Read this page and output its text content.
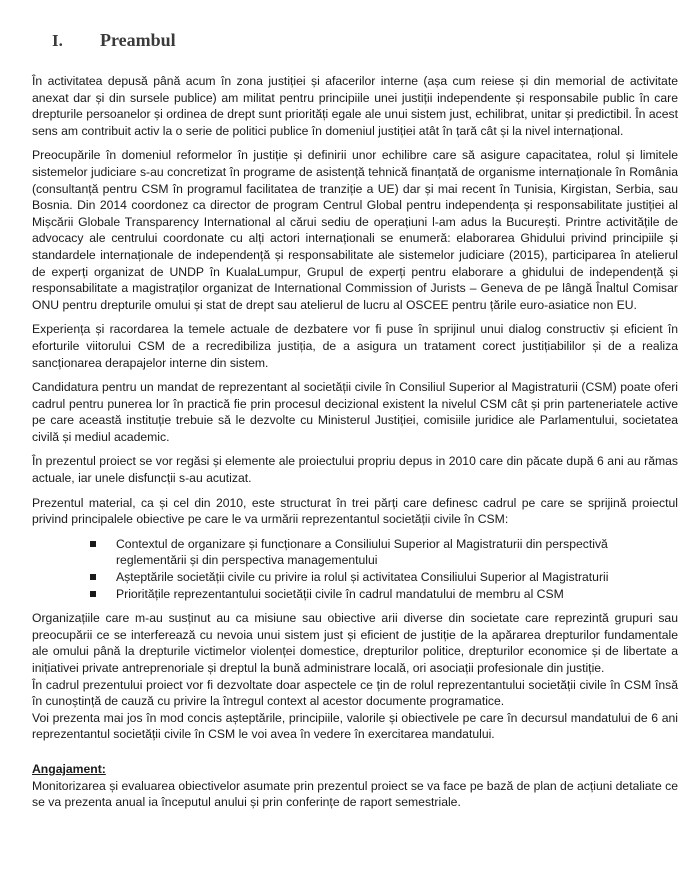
I.	Preambul

În activitatea depusă până acum în zona justiției și afacerilor interne (așa cum reiese și din memorial de activitate anexat dar și din sursele publice) am militat pentru principiile unei justiții independente și responsabile public în care drepturile persoanelor și ordinea de drept sunt priorități egale ale unui sistem just, echilibrat, unitar și predictibil. În acest sens am contribuit activ la o serie de politici publice în domeniul justiției atât în țară cât și la nivel internațional.

Preocupările în domeniul reformelor în justiție și definirii unor echilibre care să asigure capacitatea, rolul și limitele sistemelor judiciare s-au concretizat în programe de asistență tehnică finanțată de organisme internaționale în România (consultanță pentru CSM în programul facilitatea de tranziție a UE) dar și mai recent în Tunisia, Kirgistan, Serbia, sau Bosnia. Din 2014 coordonez ca director de program Centrul Global pentru independența și responsabilitate justiției al Mișcării Globale Transparency International al cărui sediu de operațiuni l-am adus la București. Printre activitățile de advocacy ale centrului coordonate cu alți actori internaționali se enumeră: elaborarea Ghidului privind principiile și standardele internaționale de independență și responsabilitate ale sistemelor judiciare (2015), participarea în atelierul de experți organizat de UNDP în KualaLumpur, Grupul de experți pentru elaborare a ghidului de independență și responsabilitate a magistraților organizat de International Commission of Jurists – Geneva de pe lângă Înaltul Comisar ONU pentru drepturile omului și stat de drept sau atelierul de lucru al OSCEE pentru țările euro-asiatice non EU.

Experiența și racordarea la temele actuale de dezbatere vor fi puse în sprijinul unui dialog constructiv și eficient în eforturile viitorului CSM de a recredibiliza justiția, de a asigura un tratament corect justițiabililor și de a realiza sancționarea derapajelor interne din sistem.

Candidatura pentru un mandat de reprezentant al societății civile în Consiliul Superior al Magistraturii (CSM) poate oferi cadrul pentru punerea lor în practică fie prin procesul decizional existent la nivelul CSM cât și prin parteneriatele active pe care această instituție trebuie să le dezvolte cu Ministerul Justiției, comisiile juridice ale Parlamentului, societatea civilă și mediul academic.

În prezentul proiect se vor regăsi și elemente ale proiectului propriu depus in 2010 care din păcate după 6 ani au rămas actuale, iar unele disfuncții s-au acutizat.

Prezentul material, ca și cel din 2010, este structurat în trei părți care definesc cadrul pe care se sprijină proiectul privind principalele obiective pe care le va urmării reprezentantul societății civile în CSM:

Contextul de organizare și funcționare a Consiliului Superior al Magistraturii din perspectivă reglementării și din perspectiva managementului
Așteptările societății civile cu privire ia rolul și activitatea Consiliului Superior al Magistraturii
Prioritățile reprezentantului societății civile în cadrul mandatului de membru al CSM

Organizațiile care m-au susținut au ca misiune sau obiective arii diverse din societate care reprezintă grupuri sau preocupării ce se interferează cu nevoia unui sistem just și eficient de justiție de la apărarea drepturilor fundamentale ale omului până la drepturile victimelor violenței domestice, drepturilor politice, drepturilor economice și de libertate a inițiativei private antreprenoriale și dreptul la bună administrare locală, ori asociații profesionale din justiție.

În cadrul prezentului proiect vor fi dezvoltate doar aspectele ce țin de rolul reprezentantului societății civile în CSM însă în cunoștință de cauză cu privire la întregul context al acestor documente programatice.

Voi prezenta mai jos în mod concis așteptările, principiile, valorile și obiectivele pe care în decursul mandatului de 6 ani reprezentantul societății civile în CSM le voi avea în vedere în exercitarea mandatului.

Angajament:

Monitorizarea și evaluarea obiectivelor asumate prin prezentul proiect se va face pe bază de plan de acțiuni detaliate ce se va prezenta anual ia începutul anului și prin conferințe de raport semestriale.
